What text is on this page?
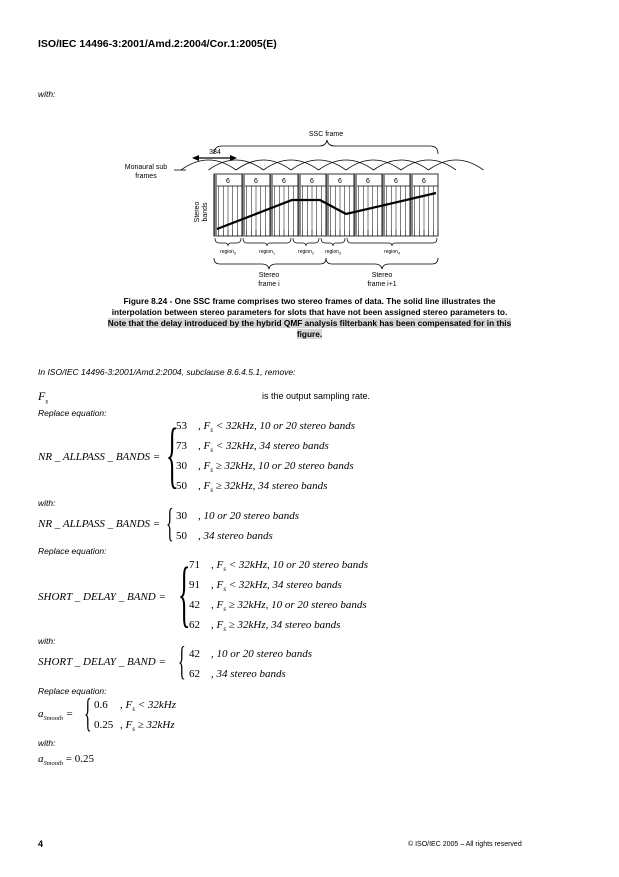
ISO/IEC 14496-3:2001/Amd.2:2004/Cor.1:2005(E)
with:
SSC frame
384
Monaural sub
frames
6	6	6	6	6	6	6	6
Stereo bands
region$_0$	region$_1$	region$_2$ region$_3$	region$_4$
Stereo
frame i
Stereo
frame i+1
Figure 8.24 - One SSC frame comprises two stereo frames of data. The solid line illustrates the
interpolation between stereo parameters for slots that have not been assigned stereo parameters to.
Note that the delay introduced by the hybrid QMF analysis filterbank has been compensated for in this
figure.
In ISO/IEC 14496-3:2001/Amd.2:2004, subclause 8.6.4.5.1, remove:
$F_s$
is the output sampling rate.
Replace equation:
NR _ ALLPASS _ BANDS = {
53 , $F_s < 32kHz$, 10 or 20 stereo bands
73 , $F_s < 32kHz$, 34 stereo bands
30 , $F_s \ge 32kHz$, 10 or 20 stereo bands
50 , $F_s \ge 32kHz$, 34 stereo bands
with:
NR _ ALLPASS _ BANDS = { 30 , 10 or 20 stereo bands
50 , 34 stereo bands
Replace equation:
SHORT _ DELAY _ BAND = {
71 , $F_s < 32kHz$, 10 or 20 stereo bands
91 , $F_s < 32kHz$, 34 stereo bands
42 , $F_s \ge 32kHz$, 10 or 20 stereo bands
62 , $F_s \ge 32kHz$, 34 stereo bands
with:
SHORT _ DELAY _ BAND = { 42 , 10 or 20 stereo bands
62 , 34 stereo bands
Replace equation:
$a_{Smooth}$ = { 0.6 , $F_s < 32kHz$
0.25 , $F_s \ge 32kHz$
with:
$a_{Smooth} = 0.25$
4	© ISO/IEC 2005 – All rights reserved
